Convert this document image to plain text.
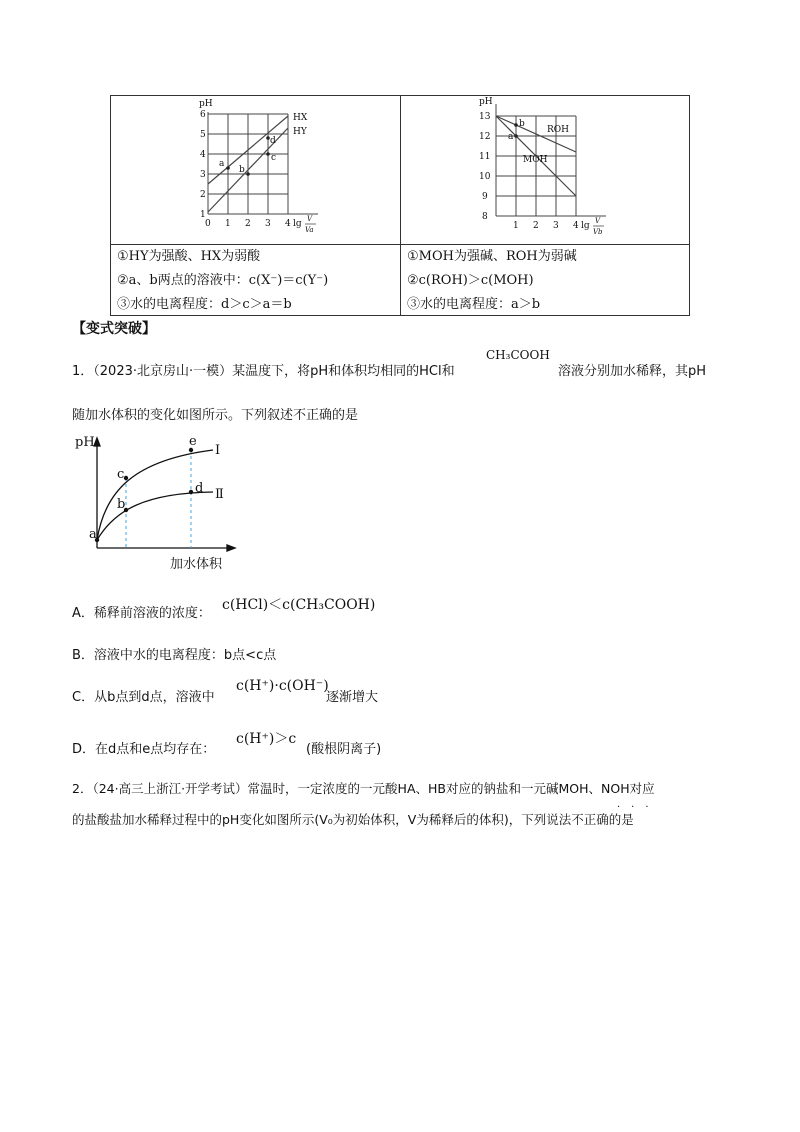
pH
1
2
3
4
5
6
0 1 2 3 4 lg V
Va
HX
HY
a
b
c
d
pH
8
9
10
11
12
13
1 2 3 4 lg V
Vb
ROH
MOH
a
b
①HY为强酸、HX为弱酸
②a、b两点的溶液中：c(X⁻)＝c(Y⁻)
③水的电离程度：d＞c＞a＝b
①MOH为强碱、ROH为弱碱
②c(ROH)＞c(MOH)
③水的电离程度：a＞b
【变式突破】
1．（2023·北京房山·一模）某温度下，将pH和体积均相同的HCl和
CH₃COOH
溶液分别加水稀释，其pH
随加水体积的变化如图所示。下列叙述不正确的是
pH
加水体积
Ⅰ
Ⅱ
a
b
c
d
e
A．稀释前溶液的浓度：
c(HCl)＜c(CH₃COOH)
B．溶液中水的电离程度：b点<c点
C．从b点到d点，溶液中
c(H⁺)·c(OH⁻)
逐渐增大
D．在d点和e点均存在：
c(H⁺)＞c
(酸根阴离子)
2．（24·高三上浙江·开学考试）常温时，一定浓度的一元酸HA、HB对应的钠盐和一元碱MOH、NOH对应
的盐酸盐加水稀释过程中的pH变化如图所示(V₀为初始体积，V为稀释后的体积)，下列说法不正确的是
···
